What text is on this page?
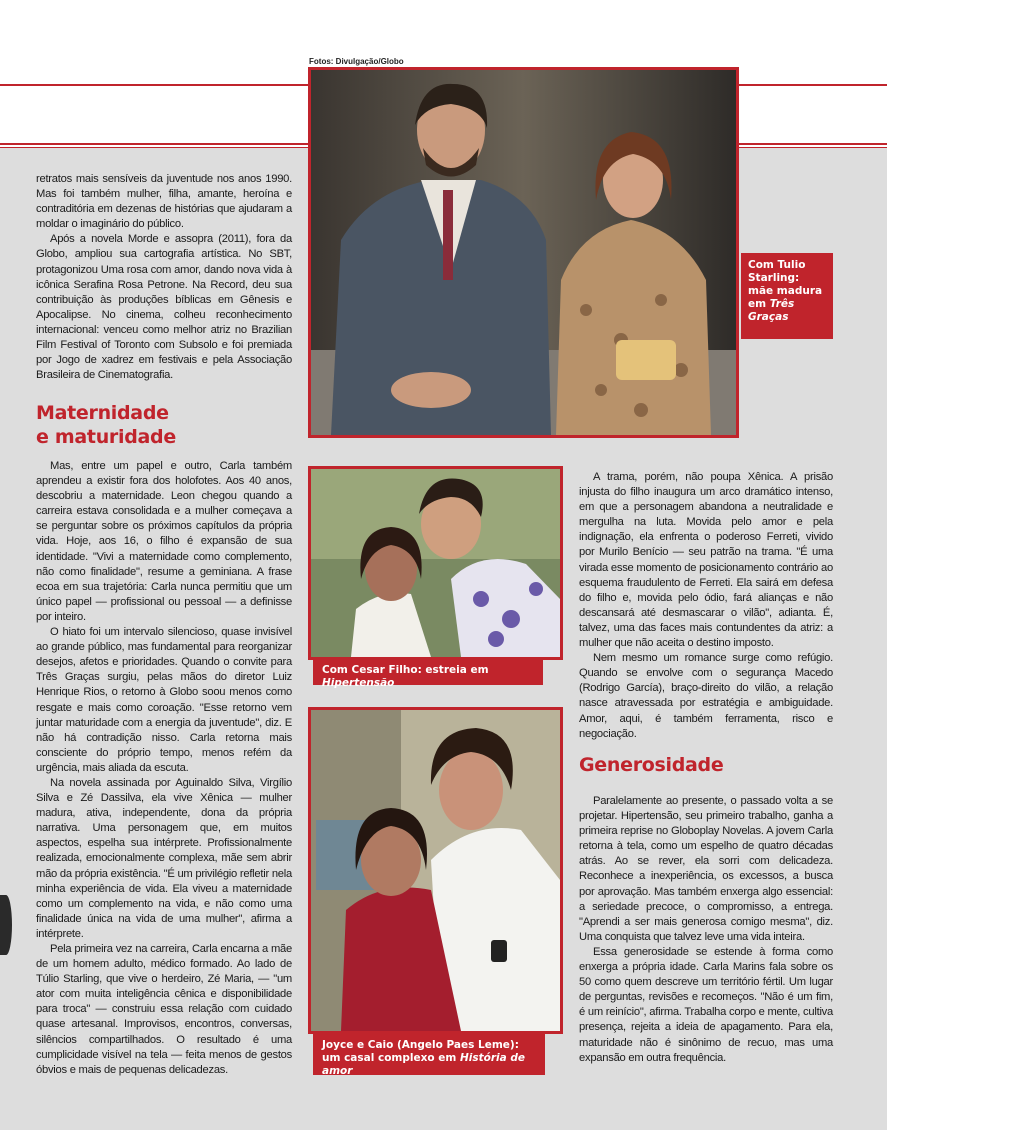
Fotos: Divulgação/Globo

retratos mais sensíveis da juventude nos anos 1990. Mas foi também mulher, filha, amante, heroína e contraditória em dezenas de histórias que ajudaram a moldar o imaginário do público.

Após a novela Morde e assopra (2011), fora da Globo, ampliou sua cartografia artística. No SBT, protagonizou Uma rosa com amor, dando nova vida à icônica Serafina Rosa Petrone. Na Record, deu sua contribuição às produções bíblicas em Gênesis e Apocalipse. No cinema, colheu reconhecimento internacional: venceu como melhor atriz no Brazilian Film Festival of Toronto com Subsolo e foi premiada por Jogo de xadrez em festivais e pela Associação Brasileira de Cinematografia.

Maternidade
e maturidade

Mas, entre um papel e outro, Carla também aprendeu a existir fora dos holofotes. Aos 40 anos, descobriu a maternidade. Leon chegou quando a carreira estava consolidada e a mulher começava a se perguntar sobre os próximos capítulos da própria vida. Hoje, aos 16, o filho é expansão de sua identidade. "Vivi a maternidade como complemento, não como finalidade", resume a geminiana. A frase ecoa em sua trajetória: Carla nunca permitiu que um único papel — profissional ou pessoal — a definisse por inteiro.

O hiato foi um intervalo silencioso, quase invisível ao grande público, mas fundamental para reorganizar desejos, afetos e prioridades. Quando o convite para Três Graças surgiu, pelas mãos do diretor Luiz Henrique Rios, o retorno à Globo soou menos como resgate e mais como coroação. "Esse retorno vem juntar maturidade com a energia da juventude", diz. E não há contradição nisso. Carla retorna mais consciente do próprio tempo, menos refém da urgência, mais aliada da escuta.

Na novela assinada por Aguinaldo Silva, Virgílio Silva e Zé Dassilva, ela vive Xênica — mulher madura, ativa, independente, dona da própria narrativa. Uma personagem que, em muitos aspectos, espelha sua intérprete. Profissionalmente realizada, emocionalmente complexa, mãe sem abrir mão da própria existência. "É um privilégio refletir nela minha experiência de vida. Ela viveu a maternidade como um complemento na vida, e não como uma finalidade única na vida de uma mulher", afirma a intérprete.

Pela primeira vez na carreira, Carla encarna a mãe de um homem adulto, médico formado. Ao lado de Túlio Starling, que vive o herdeiro, Zé Maria, — "um ator com muita inteligência cênica e disponibilidade para troca" — construiu essa relação com cuidado quase artesanal. Improvisos, encontros, conversas, silêncios compartilhados. O resultado é uma cumplicidade visível na tela — feita menos de gestos óbvios e mais de pequenas delicadezas.

Com Tulio
Starling:
mãe madura
em Três
Graças
Com Cesar Filho: estreia em Hipertensão
Joyce e Caio (Angelo Paes Leme):
um casal complexo em História de amor

A trama, porém, não poupa Xênica. A prisão injusta do filho inaugura um arco dramático intenso, em que a personagem abandona a neutralidade e mergulha na luta. Movida pelo amor e pela indignação, ela enfrenta o poderoso Ferreti, vivido por Murilo Benício — seu patrão na trama. "É uma virada esse momento de posicionamento contrário ao esquema fraudulento de Ferreti. Ela sairá em defesa do filho e, movida pelo ódio, fará alianças e não descansará até desmascarar o vilão", adianta. É, talvez, uma das faces mais contundentes da atriz: a mulher que não aceita o destino imposto.

Nem mesmo um romance surge como refúgio. Quando se envolve com o segurança Macedo (Rodrigo García), braço-direito do vilão, a relação nasce atravessada por estratégia e ambiguidade. Amor, aqui, é também ferramenta, risco e negociação.

Generosidade

Paralelamente ao presente, o passado volta a se projetar. Hipertensão, seu primeiro trabalho, ganha a primeira reprise no Globoplay Novelas. A jovem Carla retorna à tela, como um espelho de quatro décadas atrás. Ao se rever, ela sorri com delicadeza. Reconhece a inexperiência, os excessos, a busca por aprovação. Mas também enxerga algo essencial: a seriedade precoce, o compromisso, a entrega. "Aprendi a ser mais generosa comigo mesma", diz. Uma conquista que talvez leve uma vida inteira.

Essa generosidade se estende à forma como enxerga a própria idade. Carla Marins fala sobre os 50 como quem descreve um território fértil. Um lugar de perguntas, revisões e recomeços. "Não é um fim, é um reinício", afirma. Trabalha corpo e mente, cultiva presença, rejeita a ideia de apagamento. Para ela, maturidade não é sinônimo de recuo, mas uma expansão em outra frequência.
